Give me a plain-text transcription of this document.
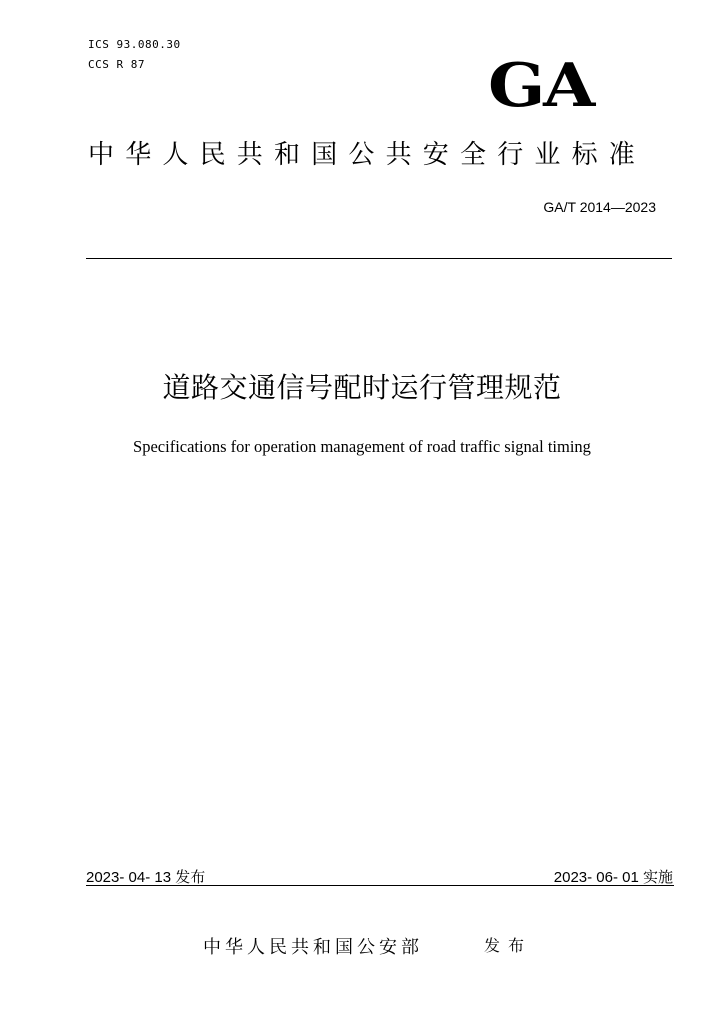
ICS 93.080.30
CCS R 87	GA
中华人民共和国公共安全行业标准
GA/T 2014—2023
道路交通信号配时运行管理规范
Specifications for operation management of road traffic signal timing
2023- 04- 13 发布	2023- 06- 01 实施
中华人民共和国公安部	发布
